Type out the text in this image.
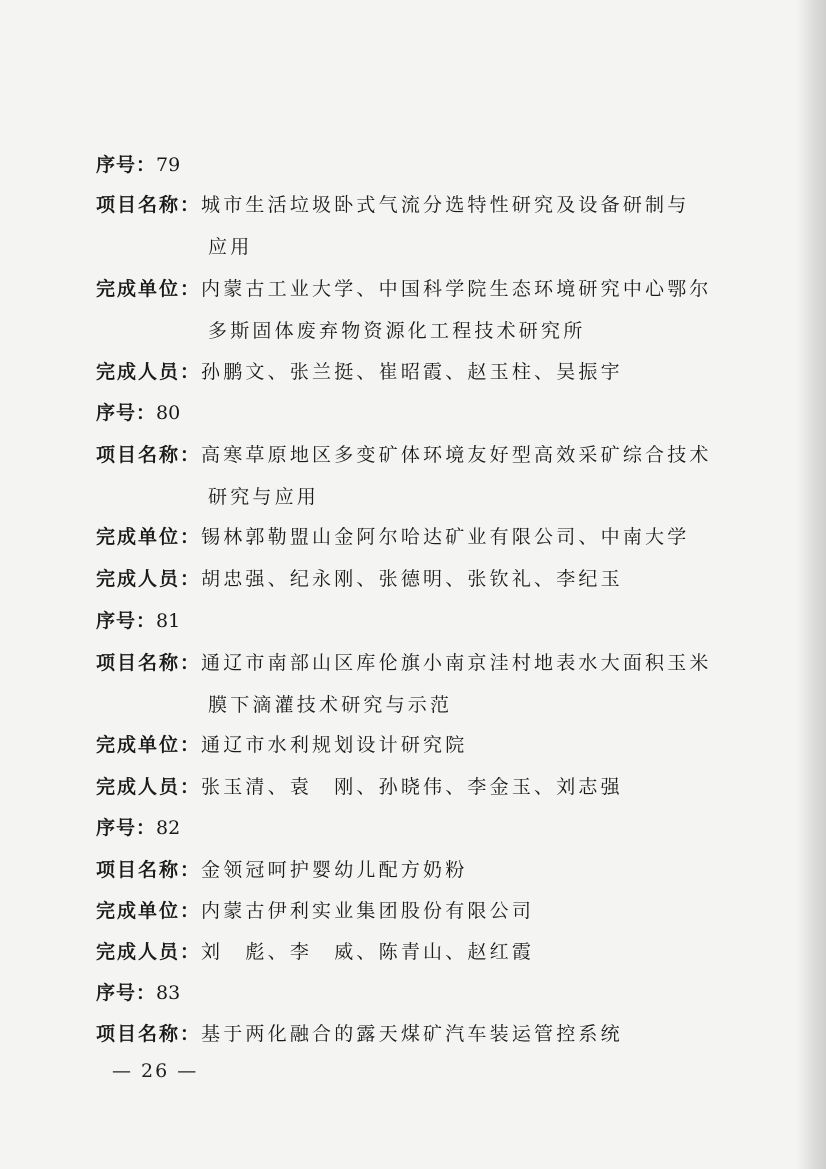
序号：79
项目名称：城市生活垃圾卧式气流分选特性研究及设备研制与
应用
完成单位：内蒙古工业大学、中国科学院生态环境研究中心鄂尔
多斯固体废弃物资源化工程技术研究所
完成人员：孙鹏文、张兰挺、崔昭霞、赵玉柱、吴振宇
序号：80
项目名称：高寒草原地区多变矿体环境友好型高效采矿综合技术
研究与应用
完成单位：锡林郭勒盟山金阿尔哈达矿业有限公司、中南大学
完成人员：胡忠强、纪永刚、张德明、张钦礼、李纪玉
序号：81
项目名称：通辽市南部山区库伦旗小南京洼村地表水大面积玉米
膜下滴灌技术研究与示范
完成单位：通辽市水利规划设计研究院
完成人员：张玉清、袁　刚、孙晓伟、李金玉、刘志强
序号：82
项目名称：金领冠呵护婴幼儿配方奶粉
完成单位：内蒙古伊利实业集团股份有限公司
完成人员：刘　彪、李　威、陈青山、赵红霞
序号：83
项目名称：基于两化融合的露天煤矿汽车装运管控系统
— 26 —
